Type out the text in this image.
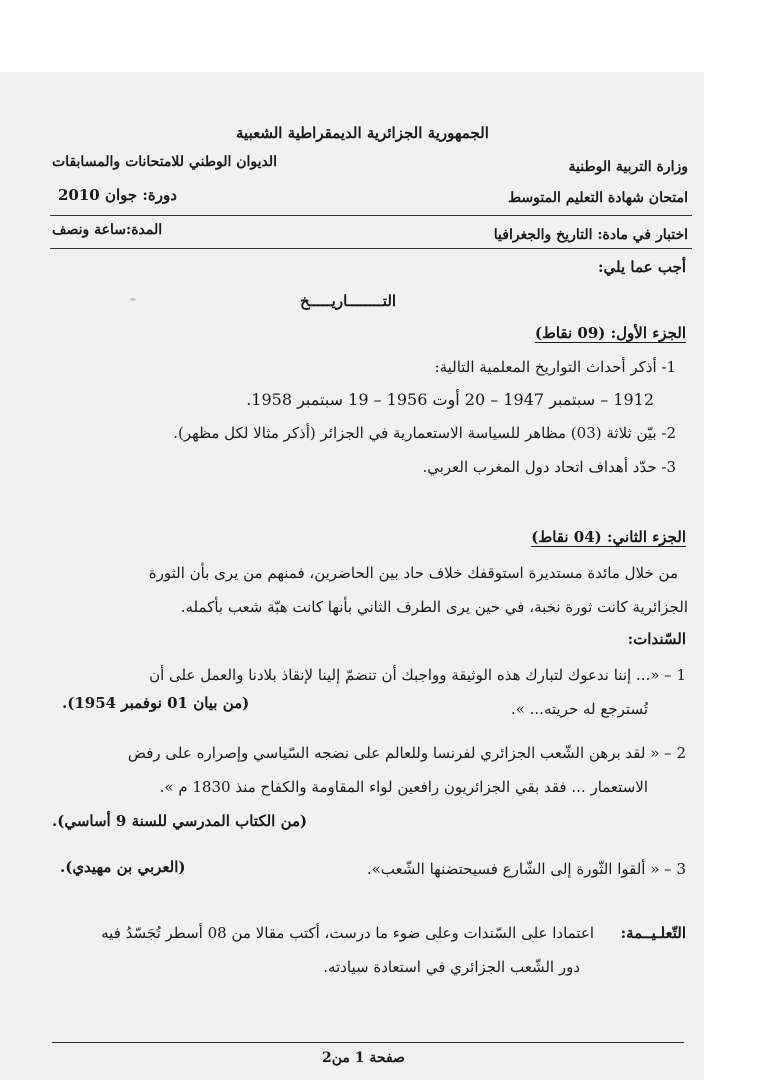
الجمهورية الجزائرية الديمقراطية الشعبية
وزارة التربية الوطنية
الديوان الوطني للامتحانات والمسابقات
امتحان شهادة التعليم المتوسط
دورة: جوان 2010
اختبار في مادة: التاريخ والجغرافيا
المدة:ساعة ونصف
أجب عما يلي:
التــــــــاريـــــخ
الجزء الأول: (09 نقاط)
1- أذكر أحداث التواريخ المعلمية التالية:
1912 – سبتمبر 1947 – 20 أوت 1956 – 19 سبتمبر 1958.
2- بيّن ثلاثة (03) مظاهر للسياسة الاستعمارية في الجزائر (أذكر مثالا لكل مظهر).
3- حدّد أهداف اتحاد دول المغرب العربي.
الجزء الثاني: (04 نقاط)
من خلال مائدة مستديرة استوقفك خلاف حاد بين الحاضرين، فمنهم من يرى بأن الثورة
الجزائرية كانت ثورة نخبة، في حين يرى الطرف الثاني بأنها كانت هبّة شعب بأكمله.
السّندات:
1 – «... إننا ندعوك لتبارك هذه الوثيقة وواجبك أن تنضمّ إلينا لإنقاذ بلادنا والعمل على أن
تُسترجع له حريته... ».
(من بيان 01 نوفمبر 1954).
2 – « لقد برهن الشّعب الجزائري لفرنسا وللعالم على نضجه السّياسي وإصراره على رفض
الاستعمار ... فقد بقي الجزائريون رافعين لواء المقاومة والكفاح منذ 1830 م ».
(من الكتاب المدرسي للسنة 9 أساسي).
3 – « ألقوا الثّورة إلى الشّارع فسيحتضنها الشّعب».
(العربي بن مهيدي).
التّعلـيــمة:
اعتمادا على السّندات وعلى ضوء ما درست، أكتب مقالا من 08 أسطر تُجَسّدُ فيه
دور الشّعب الجزائري في استعادة سيادته.
صفحة 1 من2
